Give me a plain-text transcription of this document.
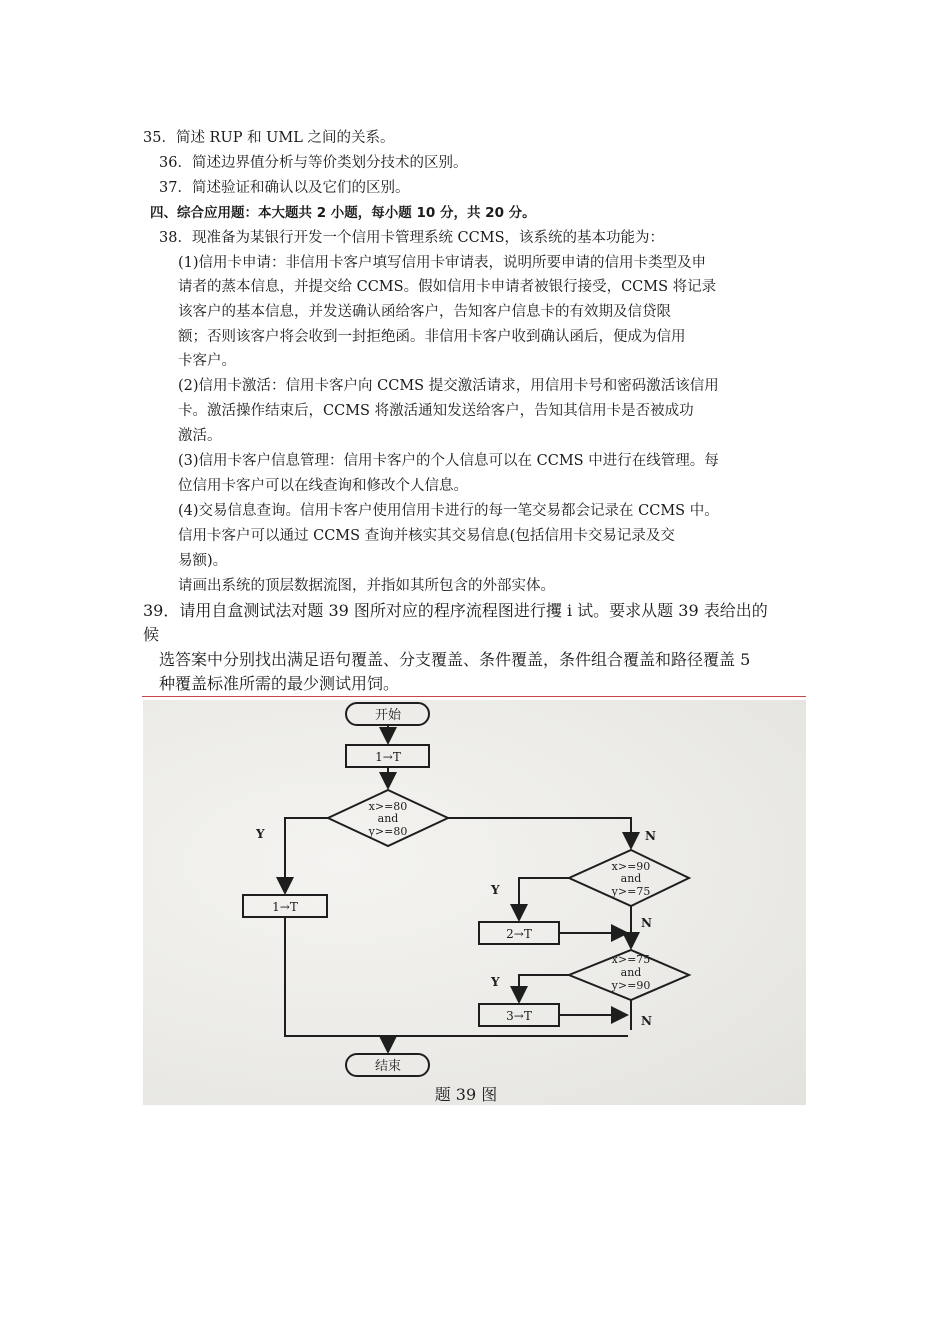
35．简述 RUP 和 UML 之间的关系。
36．简述边界值分析与等价类划分技术的区别。
37．简述验证和确认以及它们的区别。
四、综合应用题：本大题共 2 小题，每小题 10 分，共 20 分。
38．现准备为某银行开发一个信用卡管理系统 CCMS，该系统的基本功能为：
(1)信用卡申请：非信用卡客户填写信用卡审请表，说明所要申请的信用卡类型及申
请者的蒸本信息，并提交给 CCMS。假如信用卡申请者被银行接受，CCMS 将记录
该客户的基本信息，并发送确认函给客户，告知客户信息卡的有效期及信贷限
额；否则该客户将会收到一封拒绝函。非信用卡客户收到确认函后，便成为信用
卡客户。
(2)信用卡激活：信用卡客户向 CCMS 提交激活请求，用信用卡号和密码激活该信用
卡。激活操作结束后，CCMS 将激活通知发送给客户，告知其信用卡是否被成功
激活。
(3)信用卡客户信息管理：信用卡客户的个人信息可以在 CCMS 中进行在线管理。每
位信用卡客户可以在线查询和修改个人信息。
(4)交易信息查询。信用卡客户使用信用卡进行的每一笔交易都会记录在 CCMS 中。
信用卡客户可以通过 CCMS 查询并核实其交易信息(包括信用卡交易记录及交
易额)。
请画出系统的顶层数据流图，并指如其所包含的外部实体。
39．请用自盒测试法对题 39 图所对应的程序流程图进行攫 i 试。要求从题 39 表给出的
候
选答案中分别找出满足语句覆盖、分支覆盖、条件覆盖，条件组合覆盖和路径覆盖 5
种覆盖标准所需的最少测试用饲。
开始
1→T
x>=80
and
y>=80
1→T
x>=90
and
y>=75
2→T
x>=75
and
y>=90
3→T
结束
Y	N
Y
N
Y
N
题 39 图
